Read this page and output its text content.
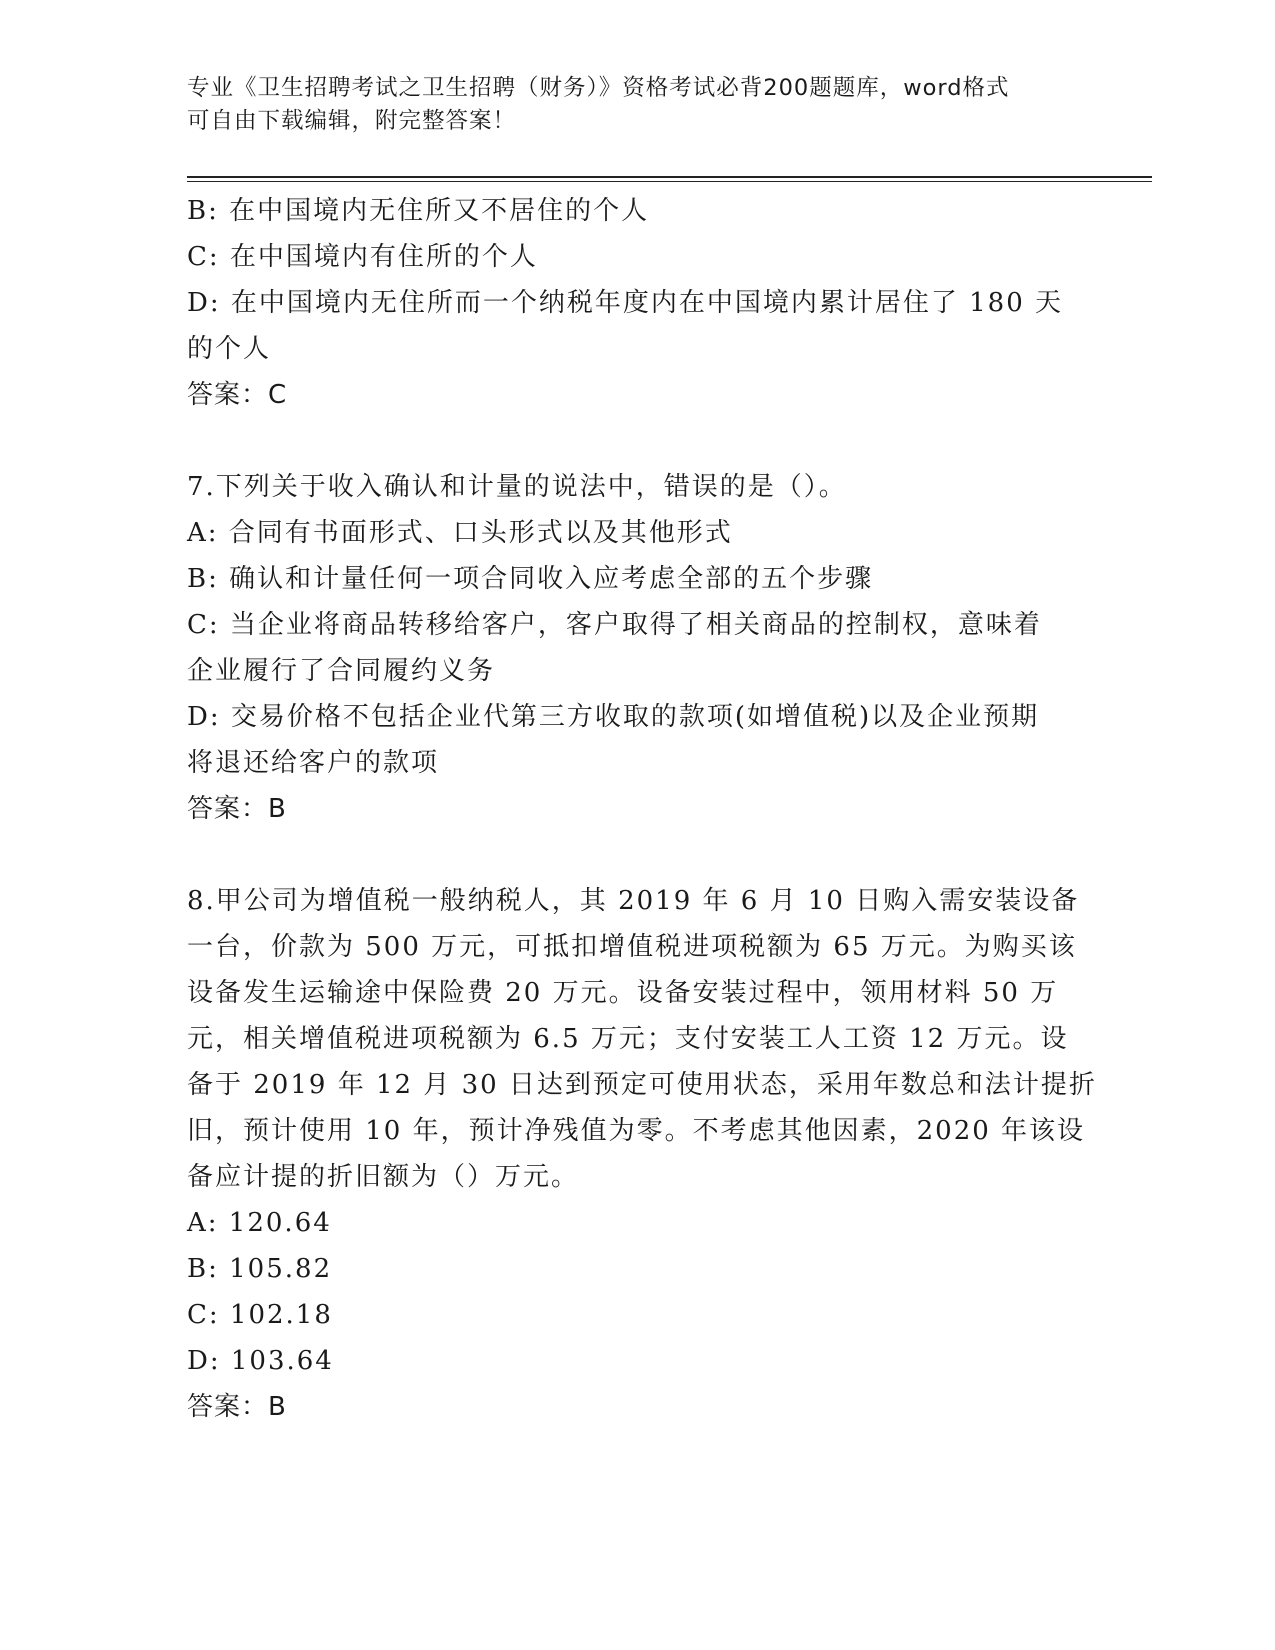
专业《卫生招聘考试之卫生招聘（财务）》资格考试必背200题题库，word格式
可自由下载编辑，附完整答案！
B: 在中国境内无住所又不居住的个人
C: 在中国境内有住所的个人
D: 在中国境内无住所而一个纳税年度内在中国境内累计居住了 180 天
的个人
答案：C
7.下列关于收入确认和计量的说法中，错误的是（）。
A: 合同有书面形式、口头形式以及其他形式
B: 确认和计量任何一项合同收入应考虑全部的五个步骤
C: 当企业将商品转移给客户，客户取得了相关商品的控制权，意味着
企业履行了合同履约义务
D: 交易价格不包括企业代第三方收取的款项(如增值税)以及企业预期
将退还给客户的款项
答案：B
8.甲公司为增值税一般纳税人，其 2019 年 6 月 10 日购入需安装设备
一台，价款为 500 万元，可抵扣增值税进项税额为 65 万元。为购买该
设备发生运输途中保险费 20 万元。设备安装过程中，领用材料 50 万
元，相关增值税进项税额为 6.5 万元；支付安装工人工资 12 万元。设
备于 2019 年 12 月 30 日达到预定可使用状态，采用年数总和法计提折
旧，预计使用 10 年，预计净残值为零。不考虑其他因素，2020 年该设
备应计提的折旧额为（）万元。
A: 120.64
B: 105.82
C: 102.18
D: 103.64
答案：B
